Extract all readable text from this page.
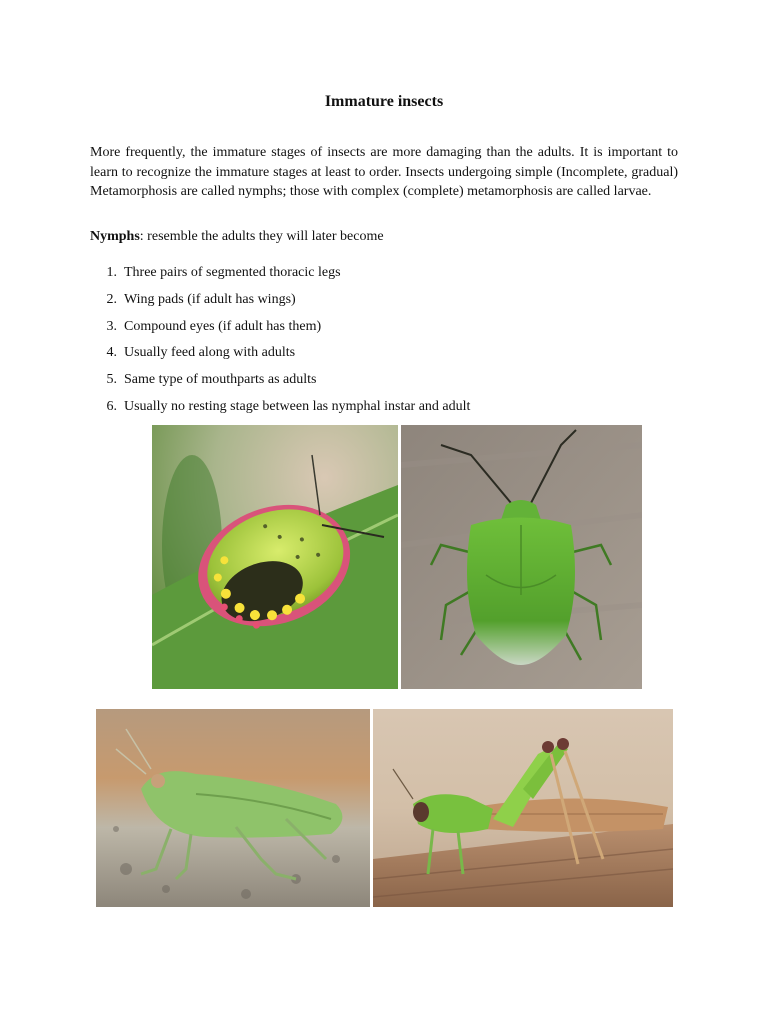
Immature insects

More frequently, the immature stages of insects are more damaging than the adults. It is important to learn to recognize the immature stages at least to order. Insects undergoing simple (Incomplete, gradual) Metamorphosis are called nymphs; those with complex (complete) metamorphosis are called larvae.

Nymphs: resemble the adults they will later become

1. Three pairs of segmented thoracic legs
2. Wing pads (if adult has wings)
3. Compound eyes (if adult has them)
4. Usually feed along with adults
5. Same type of mouthparts as adults
6. Usually no resting stage between las nymphal instar and adult
